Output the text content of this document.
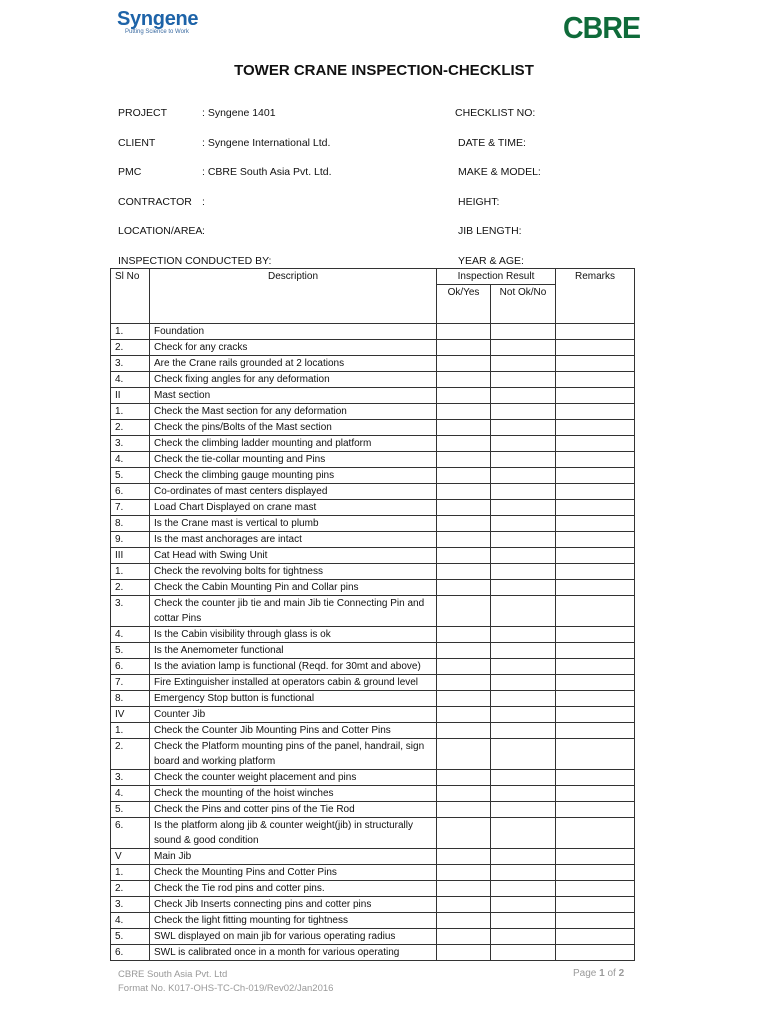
Syngene
Putting Science to Work	CBRE
TOWER CRANE INSPECTION-CHECKLIST
PROJECT	: Syngene 1401
CLIENT	: Syngene International Ltd.
PMC	: CBRE South Asia Pvt. Ltd.
CONTRACTOR :
LOCATION/AREA :
INSPECTION CONDUCTED BY:
CHECKLIST NO:
DATE & TIME:
MAKE & MODEL:
HEIGHT:
JIB LENGTH:
YEAR & AGE:
Sl No	Description	Inspection Result		Remarks
		Ok/Yes	Not Ok/No	
1.	Foundation			
2.	Check for any cracks			
3.	Are the Crane rails grounded at 2 locations			
4.	Check fixing angles for any deformation			
II	Mast section			
1.	Check the Mast section for any deformation			
2.	Check the pins/Bolts of the Mast section			
3.	Check the climbing ladder mounting and platform			
4.	Check the tie-collar mounting and Pins			
5.	Check the climbing gauge mounting pins			
6.	Co-ordinates of mast centers displayed			
7.	Load Chart Displayed on crane mast			
8.	Is the Crane mast is vertical to plumb			
9.	Is the mast anchorages are intact			
III	Cat Head with Swing Unit			
1.	Check the revolving bolts for tightness			
2.	Check the Cabin Mounting Pin and Collar pins			
3.	Check the counter jib tie and main Jib tie Connecting Pin and cottar Pins			
4.	Is the Cabin visibility through glass is ok			
5.	Is the Anemometer functional			
6.	Is the aviation lamp is functional (Reqd. for 30mt and above)			
7.	Fire Extinguisher installed at operators cabin & ground level			
8.	Emergency Stop button is functional			
IV	Counter Jib			
1.	Check the Counter Jib Mounting Pins and Cotter Pins			
2.	Check the Platform mounting pins of the panel, handrail, sign board and working platform			
3.	Check the counter weight placement and pins			
4.	Check the mounting of the hoist winches			
5.	Check the Pins and cotter pins of the Tie Rod			
6.	Is the platform along jib & counter weight(jib) in structurally sound & good condition			
V	Main Jib			
1.	Check the Mounting Pins and Cotter Pins			
2.	Check the Tie rod pins and cotter pins.			
3.	Check Jib Inserts connecting pins and cotter pins			
4.	Check the light fitting mounting for tightness			
5.	SWL displayed on main jib for various operating radius			
6.	SWL is calibrated once in a month for various operating			
CBRE South Asia Pvt. Ltd
Format No. K017-OHS-TC-Ch-019/Rev02/Jan2016
Page 1 of 2
